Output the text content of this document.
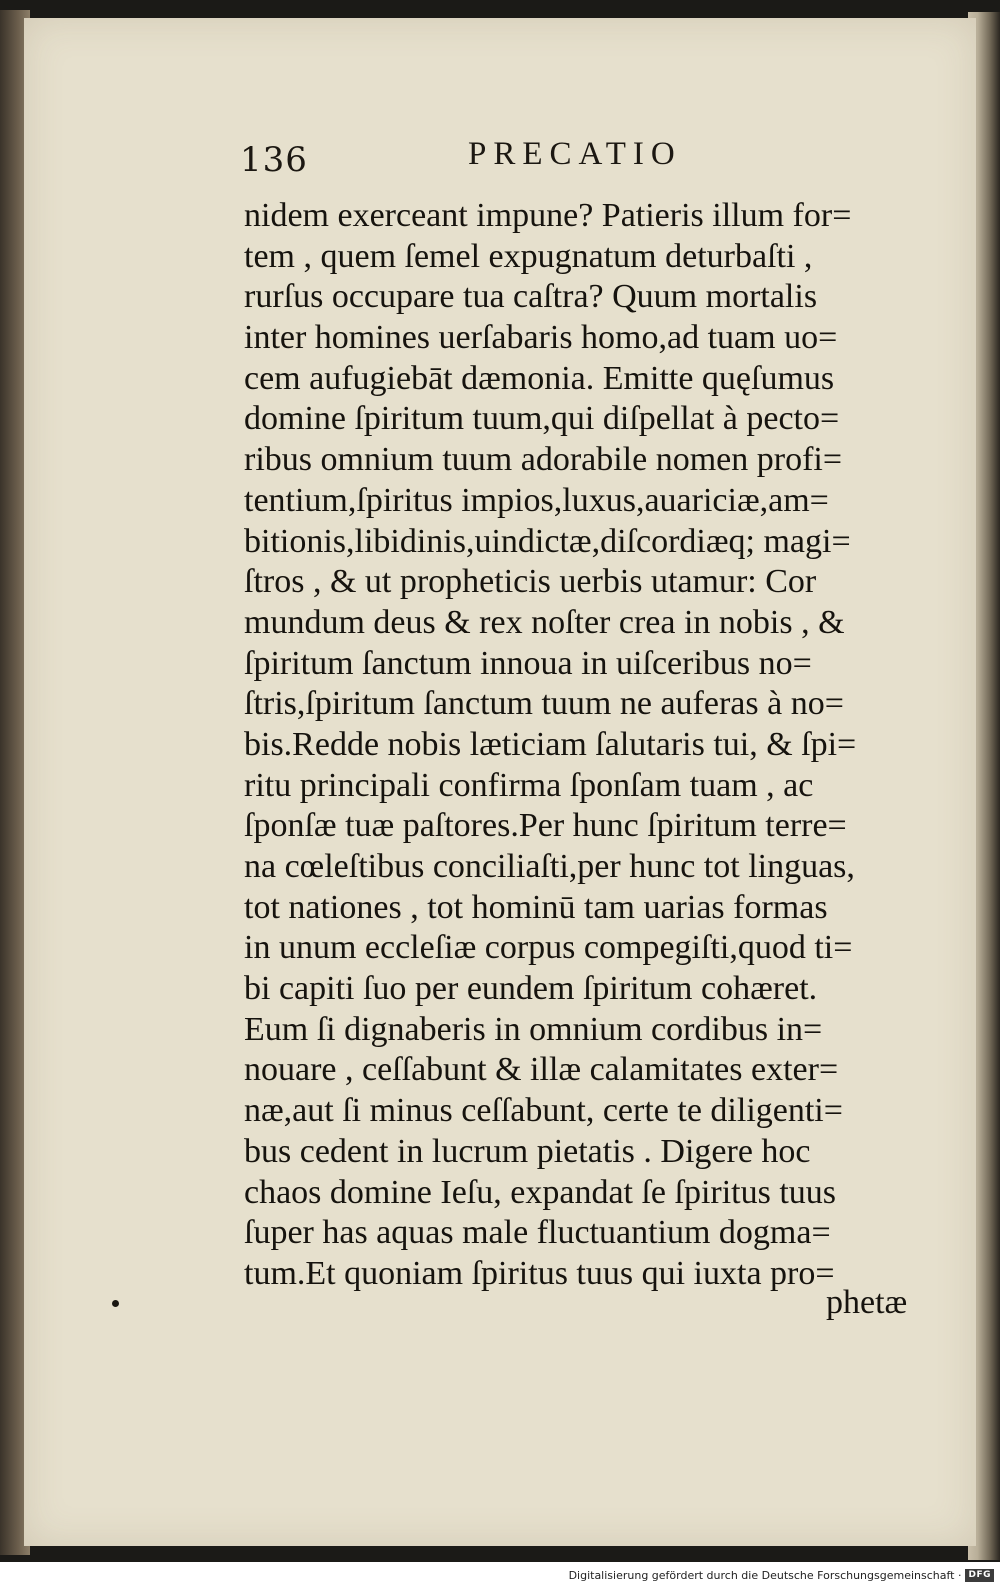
136	PRECATIO
nidem exerceant impune? Patieris illum for=
tem , quem ſemel expugnatum deturbaſti ,
rurſus occupare tua caſtra? Quum mortalis
inter homines uerſabaris homo,ad tuam uo=
cem aufugiebāt dæmonia. Emitte quęſumus
domine ſpiritum tuum,qui diſpellat à pecto=
ribus omnium tuum adorabile nomen profi=
tentium,ſpiritus impios,luxus,auariciæ,am=
bitionis,libidinis,uindictæ,diſcordiæq; magi=
ſtros , & ut propheticis uerbis utamur: Cor
mundum deus & rex noſter crea in nobis , &
ſpiritum ſanctum innoua in uiſceribus no=
ſtris,ſpiritum ſanctum tuum ne auferas à no=
bis.Redde nobis læticiam ſalutaris tui, & ſpi=
ritu principali confirma ſponſam tuam , ac
ſponſæ tuæ paſtores.Per hunc ſpiritum terre=
na cœleſtibus conciliaſti,per hunc tot linguas,
tot nationes , tot hominū tam uarias formas
in unum eccleſiæ corpus compegiſti,quod ti=
bi capiti ſuo per eundem ſpiritum cohæret.
Eum ſi dignaberis in omnium cordibus in=
nouare , ceſſabunt & illæ calamitates exter=
næ,aut ſi minus ceſſabunt, certe te diligenti=
bus cedent in lucrum pietatis . Digere hoc
chaos domine Ieſu, expandat ſe ſpiritus tuus
ſuper has aquas male fluctuantium dogma=
tum.Et quoniam ſpiritus tuus qui iuxta pro=
phetæ
Digitalisierung gefördert durch die Deutsche Forschungsgemeinschaft · DFG
